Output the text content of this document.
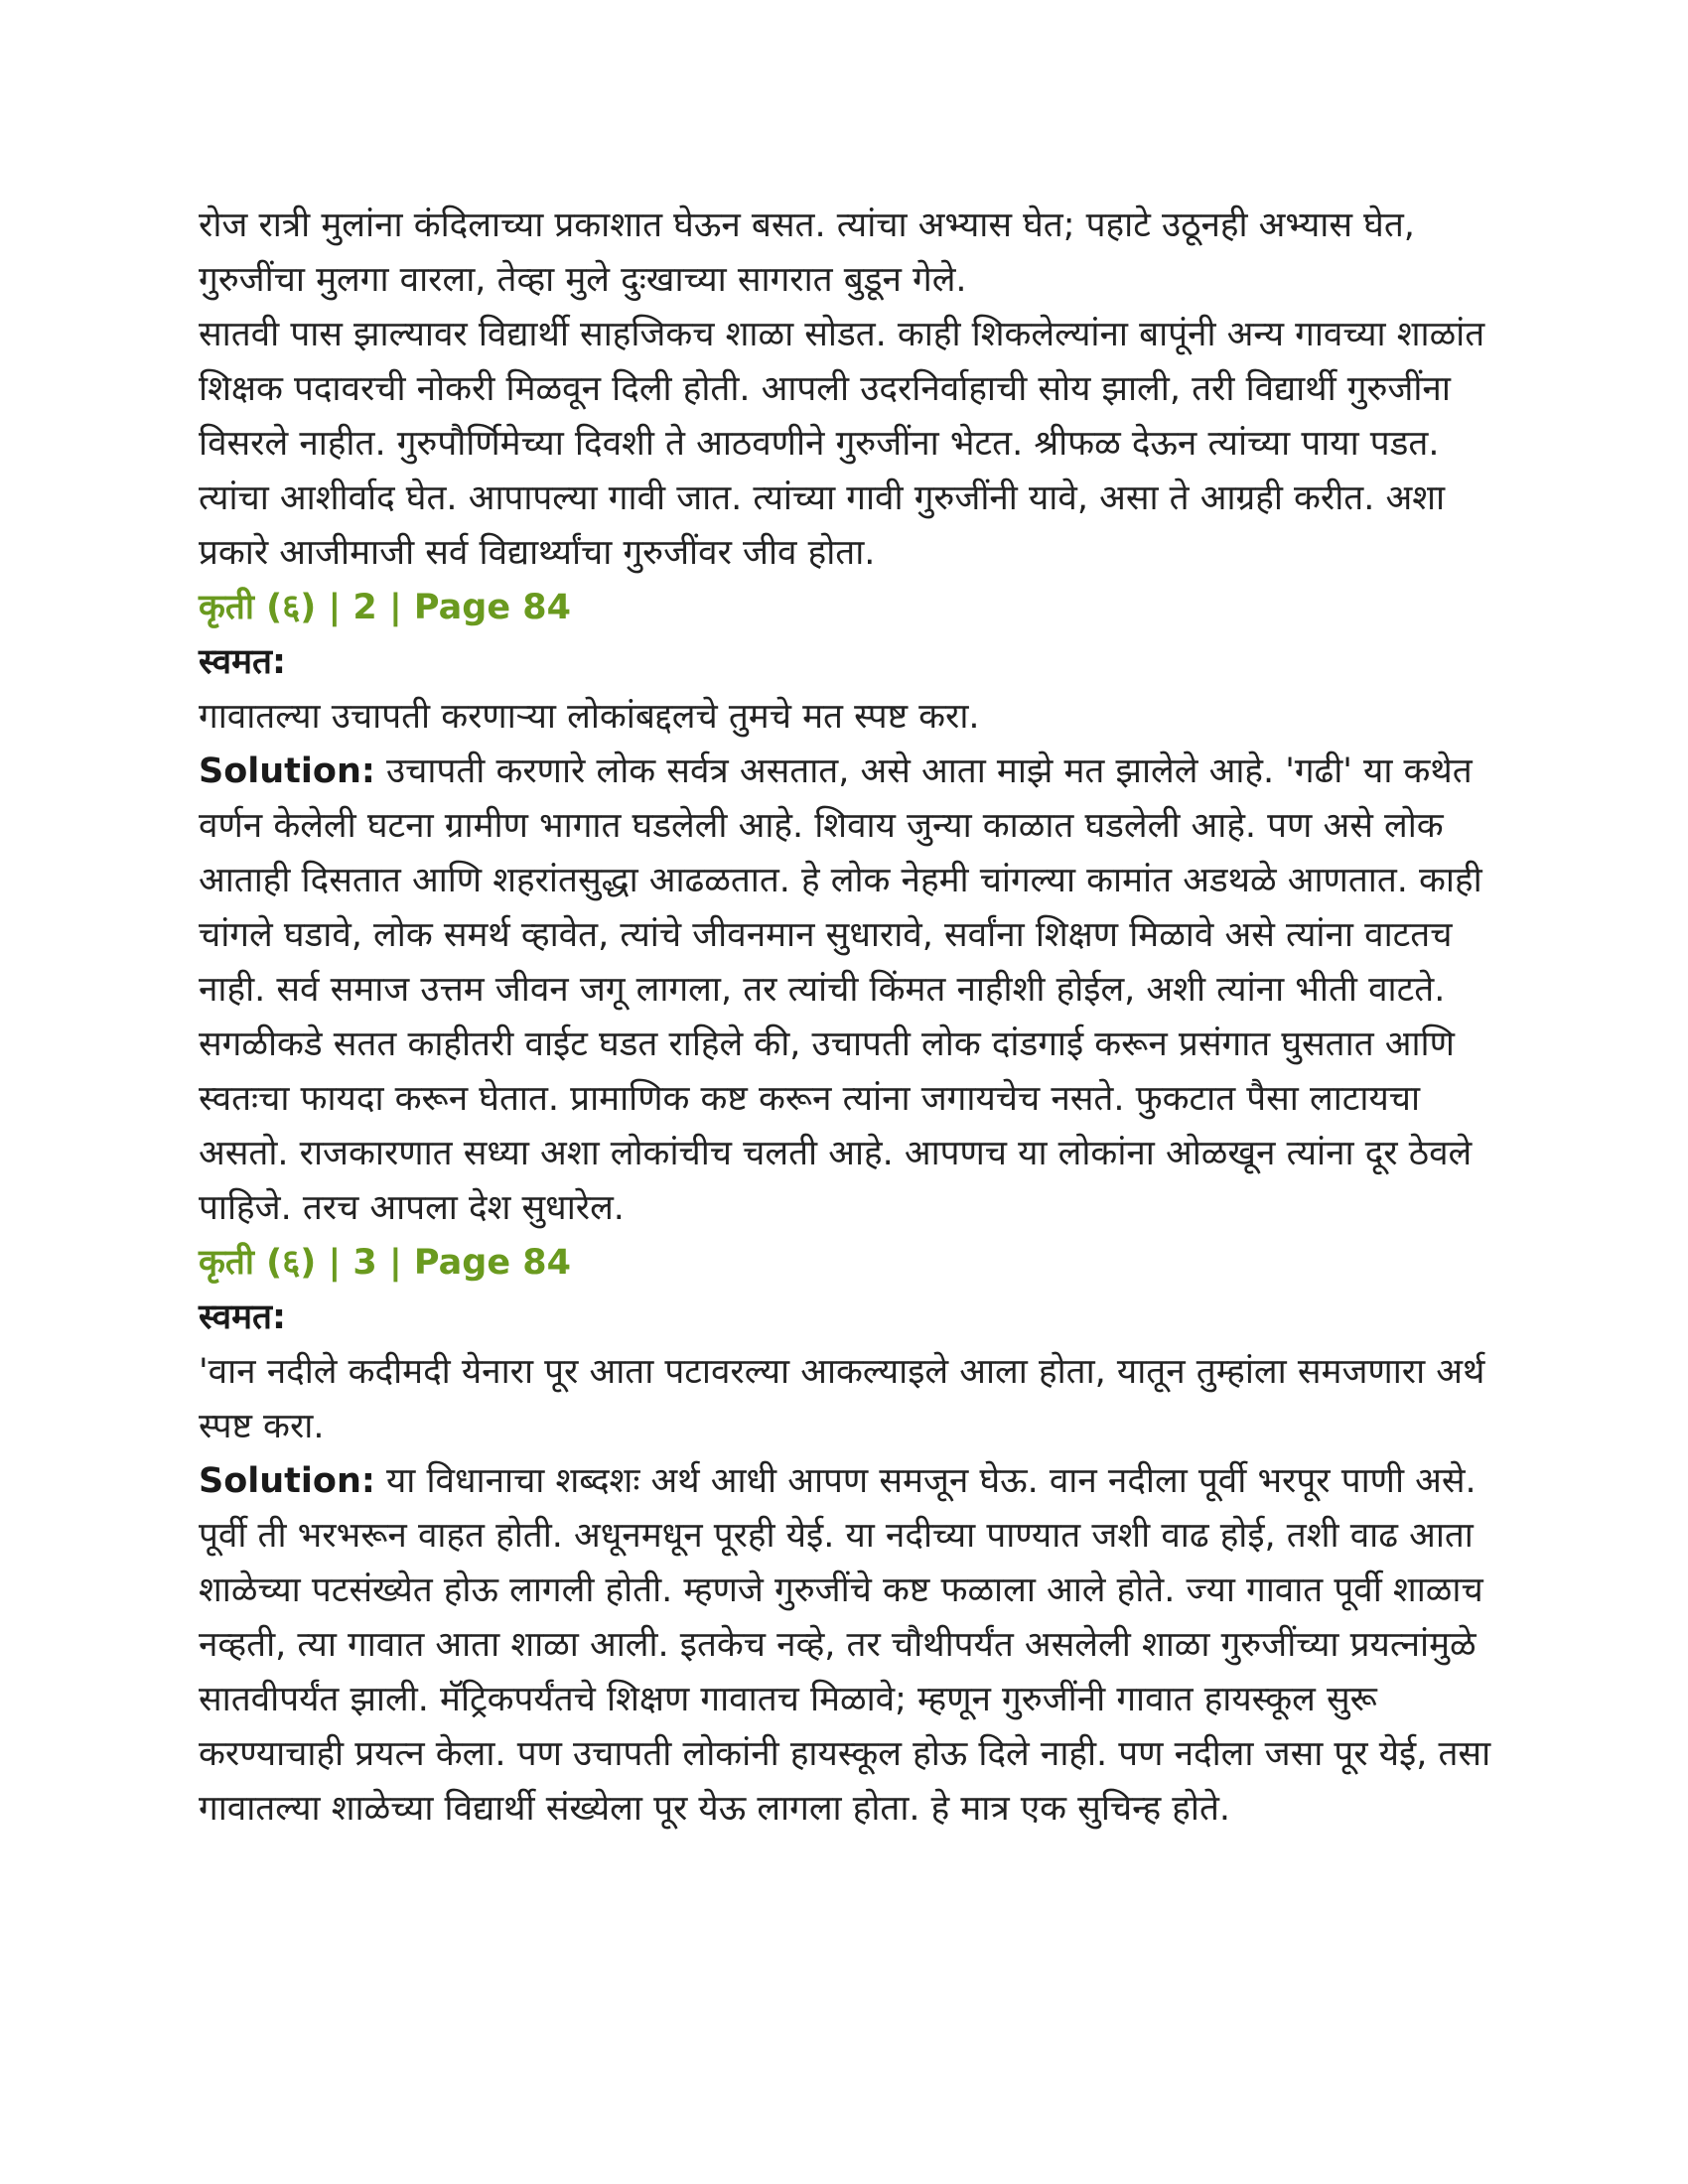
रोज रात्री मुलांना कंदिलाच्या प्रकाशात घेऊन बसत. त्यांचा अभ्यास घेत; पहाटे उठूनही अभ्यास घेत, गुरुजींचा मुलगा वारला, तेव्हा मुले दुःखाच्या सागरात बुडून गेले.

सातवी पास झाल्यावर विद्यार्थी साहजिकच शाळा सोडत. काही शिकलेल्यांना बापूंनी अन्य गावच्या शाळांत शिक्षक पदावरची नोकरी मिळवून दिली होती. आपली उदरनिर्वाहाची सोय झाली, तरी विद्यार्थी गुरुजींना विसरले नाहीत. गुरुपौर्णिमेच्या दिवशी ते आठवणीने गुरुजींना भेटत. श्रीफळ देऊन त्यांच्या पाया पडत. त्यांचा आशीर्वाद घेत. आपापल्या गावी जात. त्यांच्या गावी गुरुजींनी यावे, असा ते आग्रही करीत. अशा प्रकारे आजीमाजी सर्व विद्यार्थ्यांचा गुरुजींवर जीव होता.

कृती (६) | 2 | Page 84

स्वमत:

गावातल्या उचापती करणाऱ्या लोकांबद्दलचे तुमचे मत स्पष्ट करा.

Solution: उचापती करणारे लोक सर्वत्र असतात, असे आता माझे मत झालेले आहे. 'गढी' या कथेत वर्णन केलेली घटना ग्रामीण भागात घडलेली आहे. शिवाय जुन्या काळात घडलेली आहे. पण असे लोक आताही दिसतात आणि शहरांतसुद्धा आढळतात. हे लोक नेहमी चांगल्या कामांत अडथळे आणतात. काही चांगले घडावे, लोक समर्थ व्हावेत, त्यांचे जीवनमान सुधारावे, सर्वांना शिक्षण मिळावे असे त्यांना वाटतच नाही. सर्व समाज उत्तम जीवन जगू लागला, तर त्यांची किंमत नाहीशी होईल, अशी त्यांना भीती वाटते. सगळीकडे सतत काहीतरी वाईट घडत राहिले की, उचापती लोक दांडगाई करून प्रसंगात घुसतात आणि स्वतःचा फायदा करून घेतात. प्रामाणिक कष्ट करून त्यांना जगायचेच नसते. फुकटात पैसा लाटायचा असतो. राजकारणात सध्या अशा लोकांचीच चलती आहे. आपणच या लोकांना ओळखून त्यांना दूर ठेवले पाहिजे. तरच आपला देश सुधारेल.

कृती (६) | 3 | Page 84

स्वमत:

'वान नदीले कदीमदी येनारा पूर आता पटावरल्या आकल्याइले आला होता, यातून तुम्हांला समजणारा अर्थ स्पष्ट करा.

Solution: या विधानाचा शब्दशः अर्थ आधी आपण समजून घेऊ. वान नदीला पूर्वी भरपूर पाणी असे. पूर्वी ती भरभरून वाहत होती. अधूनमधून पूरही येई. या नदीच्या पाण्यात जशी वाढ होई, तशी वाढ आता शाळेच्या पटसंख्येत होऊ लागली होती. म्हणजे गुरुजींचे कष्ट फळाला आले होते. ज्या गावात पूर्वी शाळाच नव्हती, त्या गावात आता शाळा आली. इतकेच नव्हे, तर चौथीपर्यंत असलेली शाळा गुरुजींच्या प्रयत्नांमुळे सातवीपर्यंत झाली. मॅट्रिकपर्यंतचे शिक्षण गावातच मिळावे; म्हणून गुरुजींनी गावात हायस्कूल सुरू करण्याचाही प्रयत्न केला. पण उचापती लोकांनी हायस्कूल होऊ दिले नाही. पण नदीला जसा पूर येई, तसा गावातल्या शाळेच्या विद्यार्थी संख्येला पूर येऊ लागला होता. हे मात्र एक सुचिन्ह होते.
